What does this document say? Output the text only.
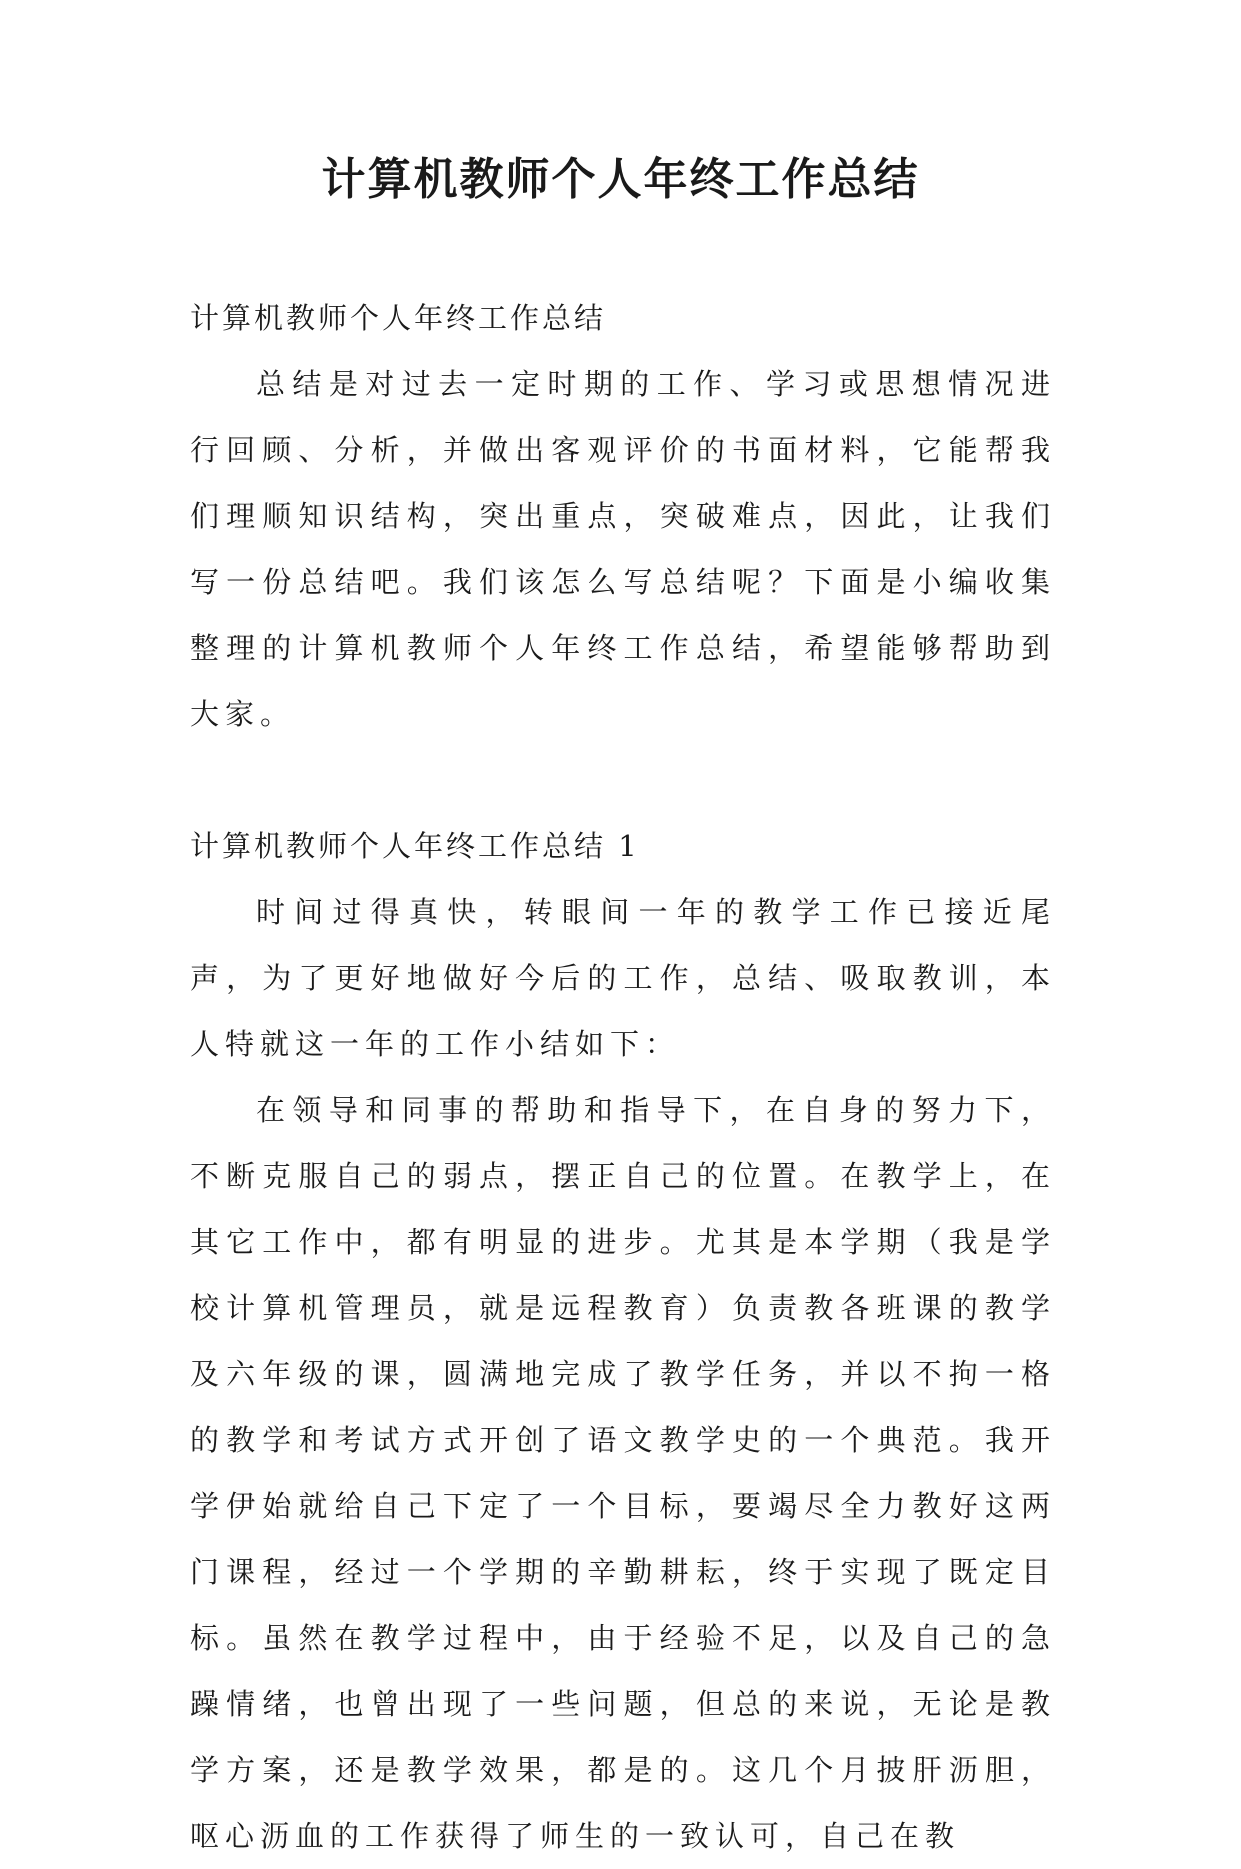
计算机教师个人年终工作总结

计算机教师个人年终工作总结

总结是对过去一定时期的工作、学习或思想情况进行回顾、分析，并做出客观评价的书面材料，它能帮我们理顺知识结构，突出重点，突破难点，因此，让我们写一份总结吧。我们该怎么写总结呢？下面是小编收集整理的计算机教师个人年终工作总结，希望能够帮助到大家。

计算机教师个人年终工作总结 1

时间过得真快，转眼间一年的教学工作已接近尾声，为了更好地做好今后的工作，总结、吸取教训，本人特就这一年的工作小结如下：

在领导和同事的帮助和指导下，在自身的努力下，不断克服自己的弱点，摆正自己的位置。在教学上，在其它工作中，都有明显的进步。尤其是本学期（我是学校计算机管理员，就是远程教育）负责教各班课的教学及六年级的课，圆满地完成了教学任务，并以不拘一格的教学和考试方式开创了语文教学史的一个典范。我开学伊始就给自己下定了一个目标，要竭尽全力教好这两门课程，经过一个学期的辛勤耕耘，终于实现了既定目标。虽然在教学过程中，由于经验不足，以及自己的急躁情绪，也曾出现了一些问题，但总的来说，无论是教学方案，还是教学效果，都是的。这几个月披肝沥胆，呕心沥血的工作获得了师生的一致认可，自己在教
